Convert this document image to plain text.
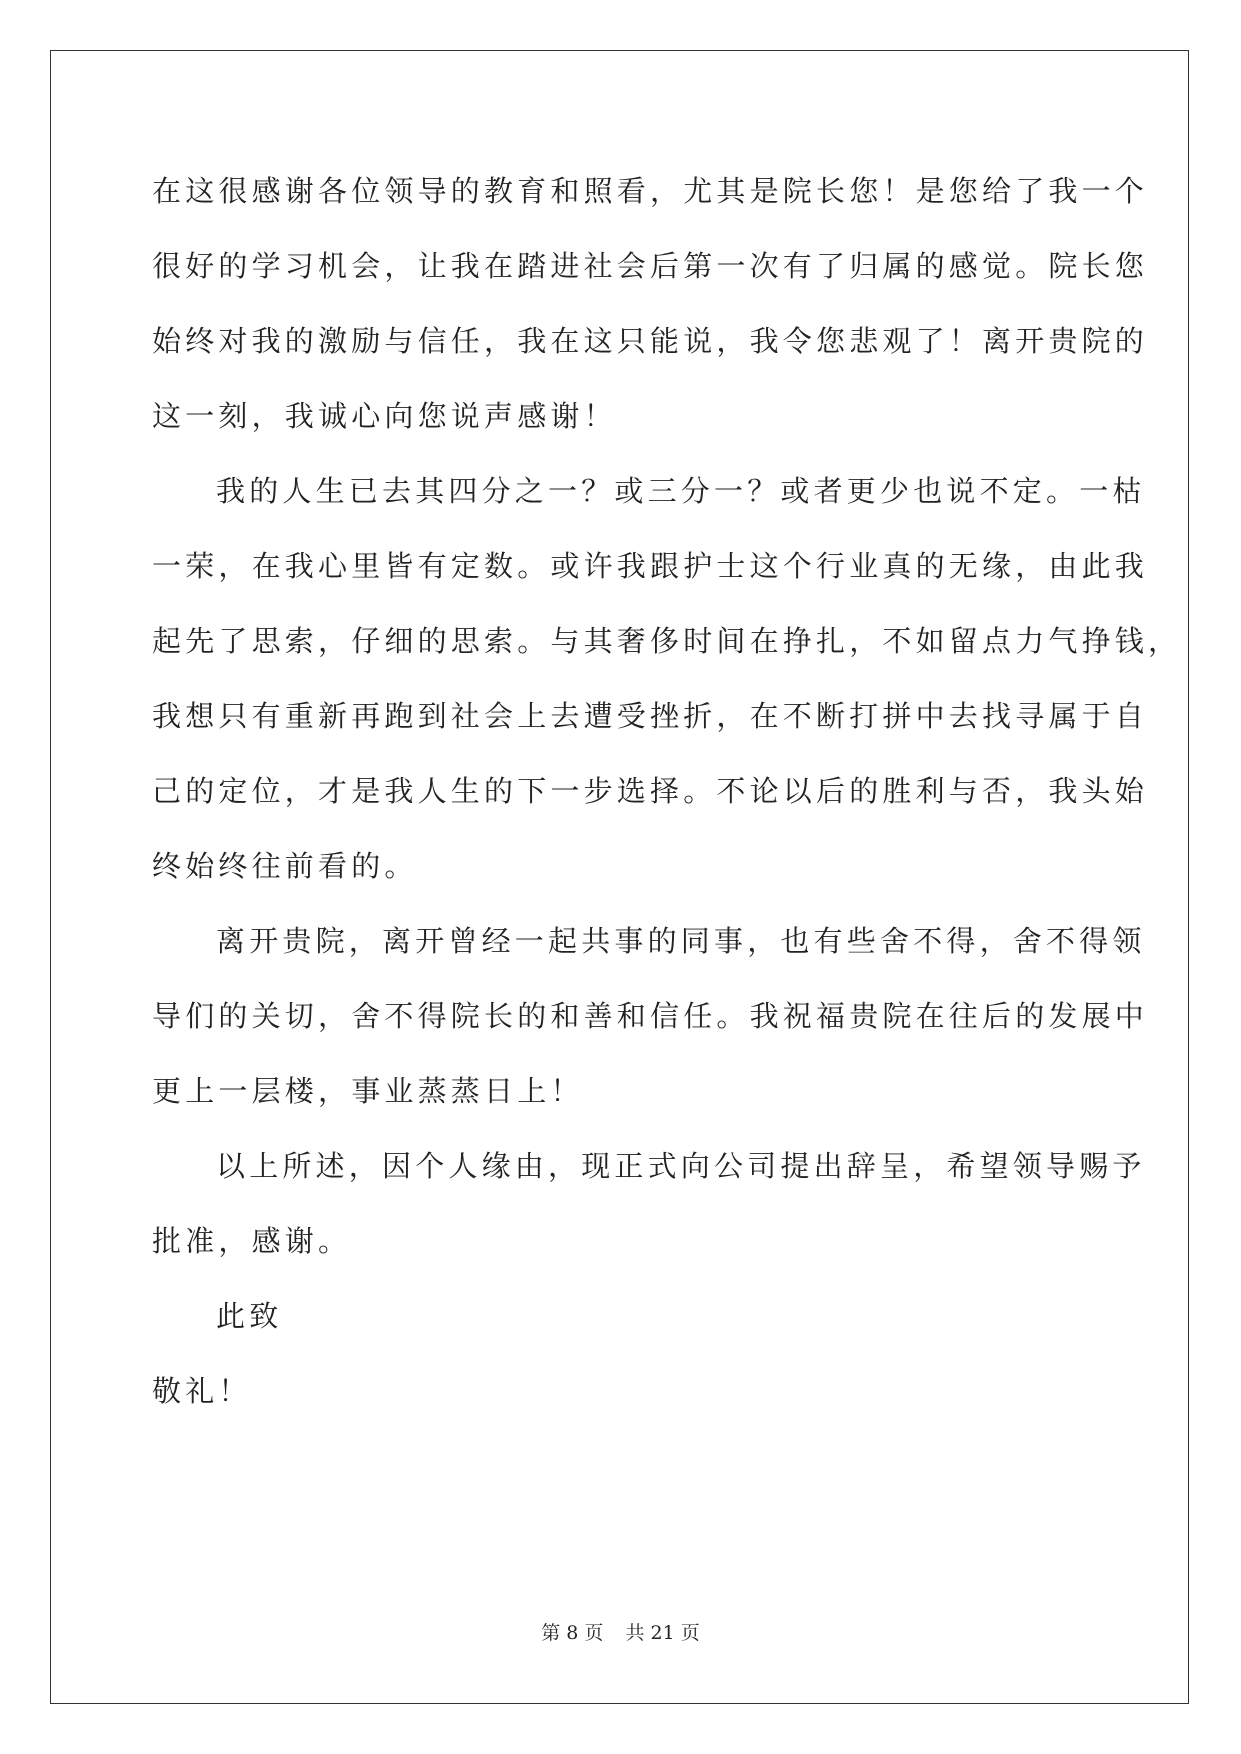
在这很感谢各位领导的教育和照看，尤其是院长您！是您给了我一个
很好的学习机会，让我在踏进社会后第一次有了归属的感觉。院长您
始终对我的激励与信任，我在这只能说，我令您悲观了！离开贵院的
这一刻，我诚心向您说声感谢！
我的人生已去其四分之一？或三分一？或者更少也说不定。一枯
一荣，在我心里皆有定数。或许我跟护士这个行业真的无缘，由此我
起先了思索，仔细的思索。与其奢侈时间在挣扎，不如留点力气挣钱，
我想只有重新再跑到社会上去遭受挫折，在不断打拼中去找寻属于自
己的定位，才是我人生的下一步选择。不论以后的胜利与否，我头始
终始终往前看的。
离开贵院，离开曾经一起共事的同事，也有些舍不得，舍不得领
导们的关切，舍不得院长的和善和信任。我祝福贵院在往后的发展中
更上一层楼，事业蒸蒸日上！
以上所述，因个人缘由，现正式向公司提出辞呈，希望领导赐予
批准，感谢。
此致
敬礼！
第 8 页 共 21 页
